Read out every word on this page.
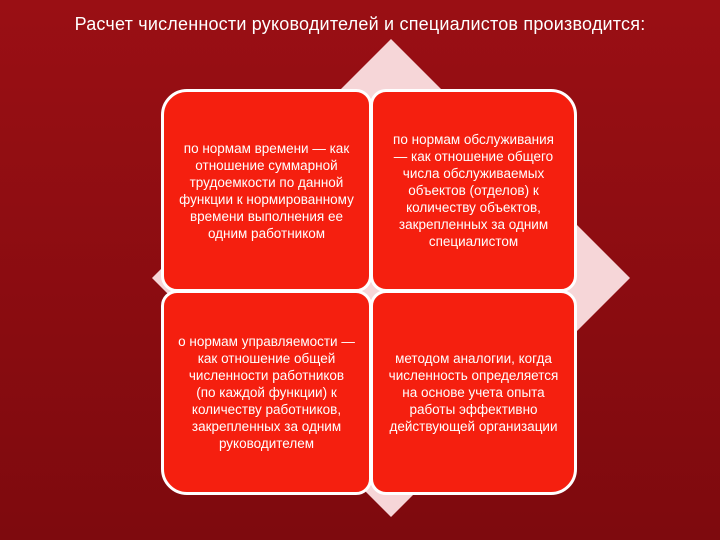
Расчет численности руководителей и специалистов производится:
по нормам времени — как отношение суммарной трудоемкости по данной функции к нормированному времени выполнения ее одним работником
по нормам обслуживания — как отношение общего числа обслуживаемых объектов (отделов) к количеству объектов, закрепленных за одним специалистом
о нормам управляемости — как отношение общей численности работников (по каждой функции) к количеству работников, закрепленных за одним руководителем
методом аналогии, когда численность определяется на основе учета опыта работы эффективно действующей организации
